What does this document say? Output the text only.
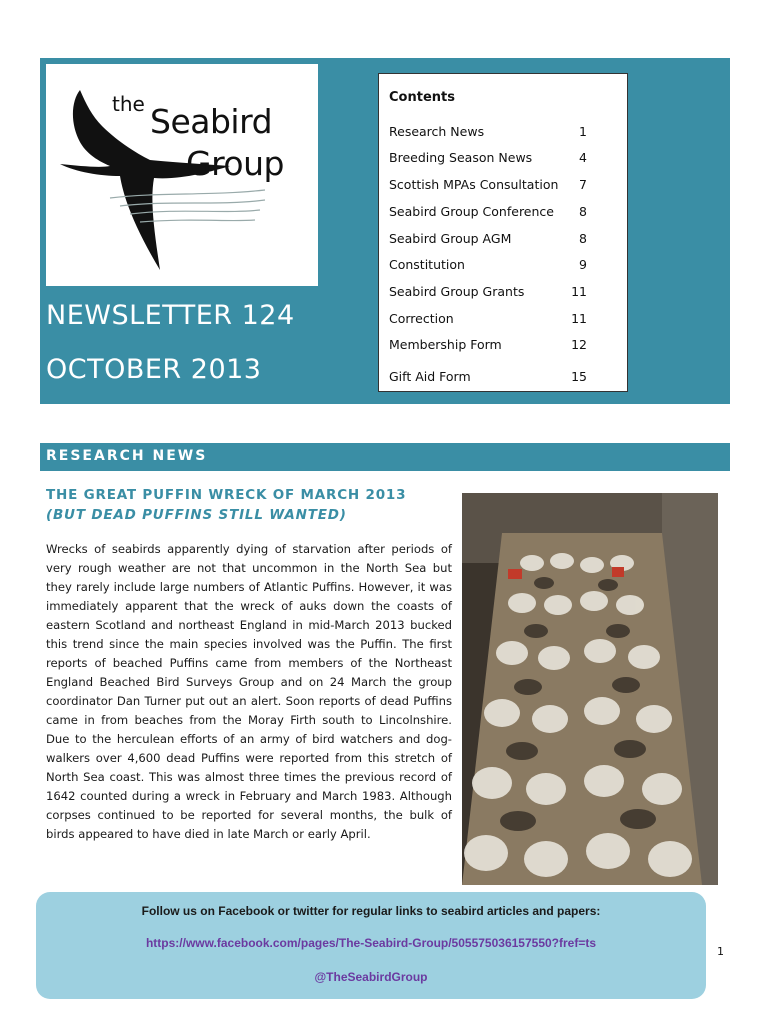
the Seabird
Group
NEWSLETTER 124
OCTOBER 2013
Contents
Research News	1
Breeding Season News	4
Scottish MPAs Consultation 7
Seabird Group Conference 8
Seabird Group AGM	8
Constitution	9
Seabird Group Grants	11
Correction	11
Membership Form	12
Gift Aid Form	15
RESEARCH NEWS
THE GREAT PUFFIN WRECK OF MARCH 2013
(BUT DEAD PUFFINS STILL WANTED)
Wrecks of seabirds apparently dying of starvation after periods of very rough weather are not that uncommon in the North Sea but they rarely include large numbers of Atlantic Puffins. However, it was immediately apparent that the wreck of auks down the coasts of eastern Scotland and northeast England in mid-March 2013 bucked this trend since the main species involved was the Puffin. The first reports of beached Puffins came from members of the Northeast England Beached Bird Surveys Group and on 24 March the group coordinator Dan Turner put out an alert. Soon reports of dead Puffins came in from beaches from the Moray Firth south to Lincolnshire. Due to the herculean efforts of an army of bird watchers and dog-walkers over 4,600 dead Puffins were reported from this stretch of North Sea coast. This was almost three times the previous record of 1642 counted during a wreck in February and March 1983. Although corpses continued to be reported for several months, the bulk of birds appeared to have died in late March or early April.
Follow us on Facebook or twitter for regular links to seabird articles and papers:
https://www.facebook.com/pages/The-Seabird-Group/505575036157550?fref=ts
@TheSeabirdGroup
1
